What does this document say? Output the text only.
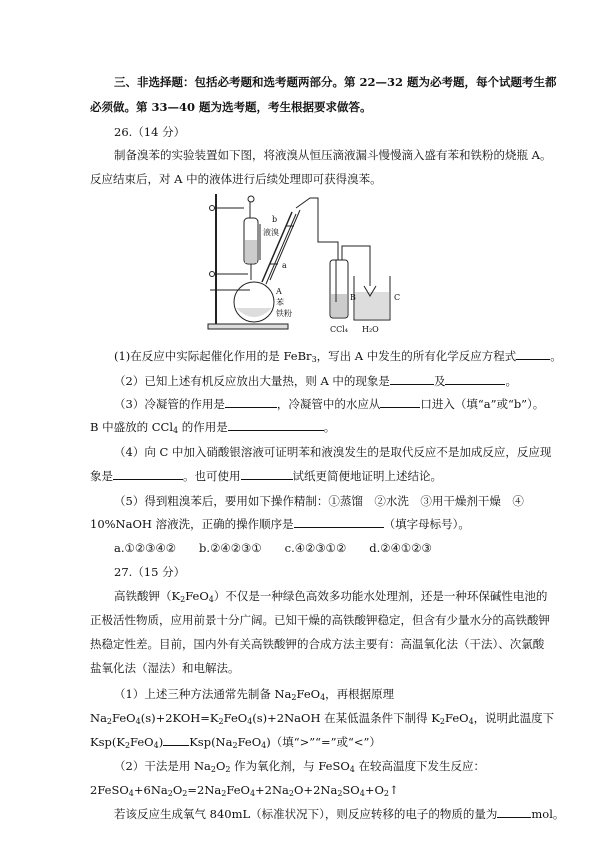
三、非选择题：包括必考题和选考题两部分。第 22—32 题为必考题，每个试题考生都
必须做。第 33—40 题为选考题，考生根据要求做答。
26.（14 分）
制备溴苯的实验装置如下图，将液溴从恒压滴液漏斗慢慢滴入盛有苯和铁粉的烧瓶 A。
反应结束后，对 A 中的液体进行后续处理即可获得溴苯。
液溴
b
a
A
苯
铁粉
B	C
CCl₄ H₂O
(1)在反应中实际起催化作用的是 FeBr$_3$，写出 A 中发生的所有化学反应方程式	。
（2）已知上述有机反应放出大量热，则 A 中的现象是	及	。
（3）冷凝管的作用是	，冷凝管中的水应从	口进入（填“a”或“b”）。
B 中盛放的 CCl$_4$ 的作用是	。
（4）向 C 中加入硝酸银溶液可证明苯和液溴发生的是取代反应不是加成反应，反应现
象是	。也可使用	试纸更简便地证明上述结论。
（5）得到粗溴苯后，要用如下操作精制：①蒸馏　②水洗　③用干燥剂干燥　④
10%NaOH 溶液洗，正确的操作顺序是	（填字母标号）。
a.①②③④②　　b.②④②③①　　c.④②③①②　　d.②④①②③
27.（15 分）
高铁酸钾$(K_2FeO_4)$不仅是一种绿色高效多功能水处理剂，还是一种环保碱性电池的
正极活性物质，应用前景十分广阔。已知干燥的高铁酸钾稳定，但含有少量水分的高铁酸钾
热稳定性差。目前，国内外有关高铁酸钾的合成方法主要有：高温氧化法（干法）、次氯酸
盐氧化法（湿法）和电解法。
（1）上述三种方法通常先制备 $Na_2FeO_4$，再根据原理
$Na_2FeO_4(s)+2KOH=K_2FeO_4(s)+2NaOH$ 在某低温条件下制得 $K_2FeO_4$，说明此温度下
$Ksp(K_2FeO_4)$ $Ksp(Na_2FeO_4)$（填“>”“=”或“<”）
（2）干法是用 $Na_2O_2$ 作为氧化剂，与 FeSO$_4$ 在较高温度下发生反应：
$2FeSO_4+6Na_2O_2=2Na_2FeO_4+2Na_2O+2Na_2SO_4+O_2↑$
若该反应生成氧气 840mL（标准状况下），则反应转移的电子的物质的量为	mol。
